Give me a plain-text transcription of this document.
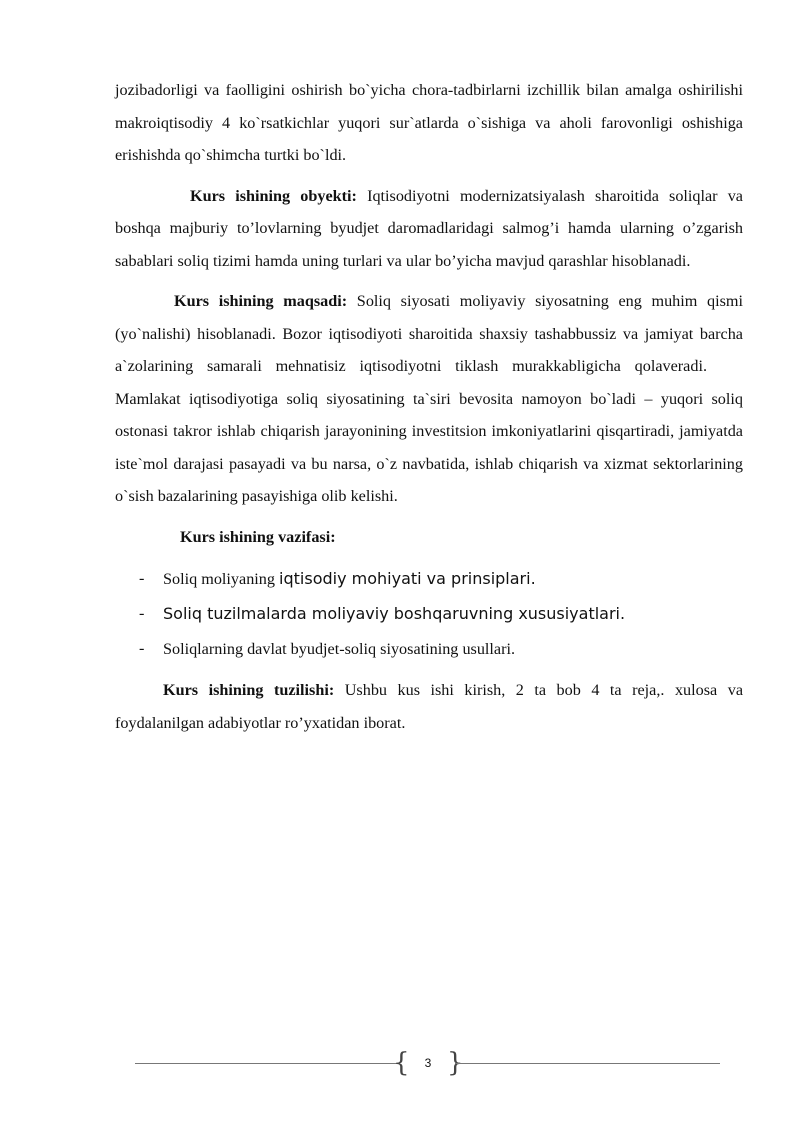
jozibadorligi va faolligini oshirish bo`yicha chora-tadbirlarni izchillik bilan amalga oshirilishi makroiqtisodiy 4 ko`rsatkichlar yuqori sur`atlarda o`sishiga va aholi farovonligi oshishiga erishishda qo`shimcha turtki bo`ldi.

Kurs ishining obyekti: Iqtisodiyotni modernizatsiyalash sharoitida soliqlar va boshqa majburiy to’lovlarning byudjet daromadlaridagi salmog’i hamda ularning o’zgarish sabablari soliq tizimi hamda uning turlari va ular bo’yicha mavjud qarashlar hisoblanadi.

Kurs ishining maqsadi: Soliq siyosati moliyaviy siyosatning eng muhim qismi (yo`nalishi) hisoblanadi. Bozor iqtisodiyoti sharoitida shaxsiy tashabbussiz va jamiyat barcha a`zolarining samarali mehnatisiz iqtisodiyotni tiklash murakkabligicha qolaveradi.Mamlakat iqtisodiyotiga soliq siyosatining ta`siri bevosita namoyon bo`ladi – yuqori soliq ostonasi takror ishlab chiqarish jarayonining investitsion imkoniyatlarini qisqartiradi, jamiyatda iste`mol darajasi pasayadi va bu narsa, o`z navbatida, ishlab chiqarish va xizmat sektorlarining o`sish bazalarining pasayishiga olib kelishi.

Kurs ishining vazifasi:

- Soliq moliyaning iqtisodiy mohiyati va prinsiplari.
- Soliq tuzilmalarda moliyaviy boshqaruvning xususiyatlari.
- Soliqlarning davlat byudjet-soliq siyosatining usullari.

Kurs ishining tuzilishi: Ushbu kus ishi kirish, 2 ta bob 4 ta reja,. xulosa va foydalanilgan adabiyotlar ro’yxatidan iborat.

{	3 }
